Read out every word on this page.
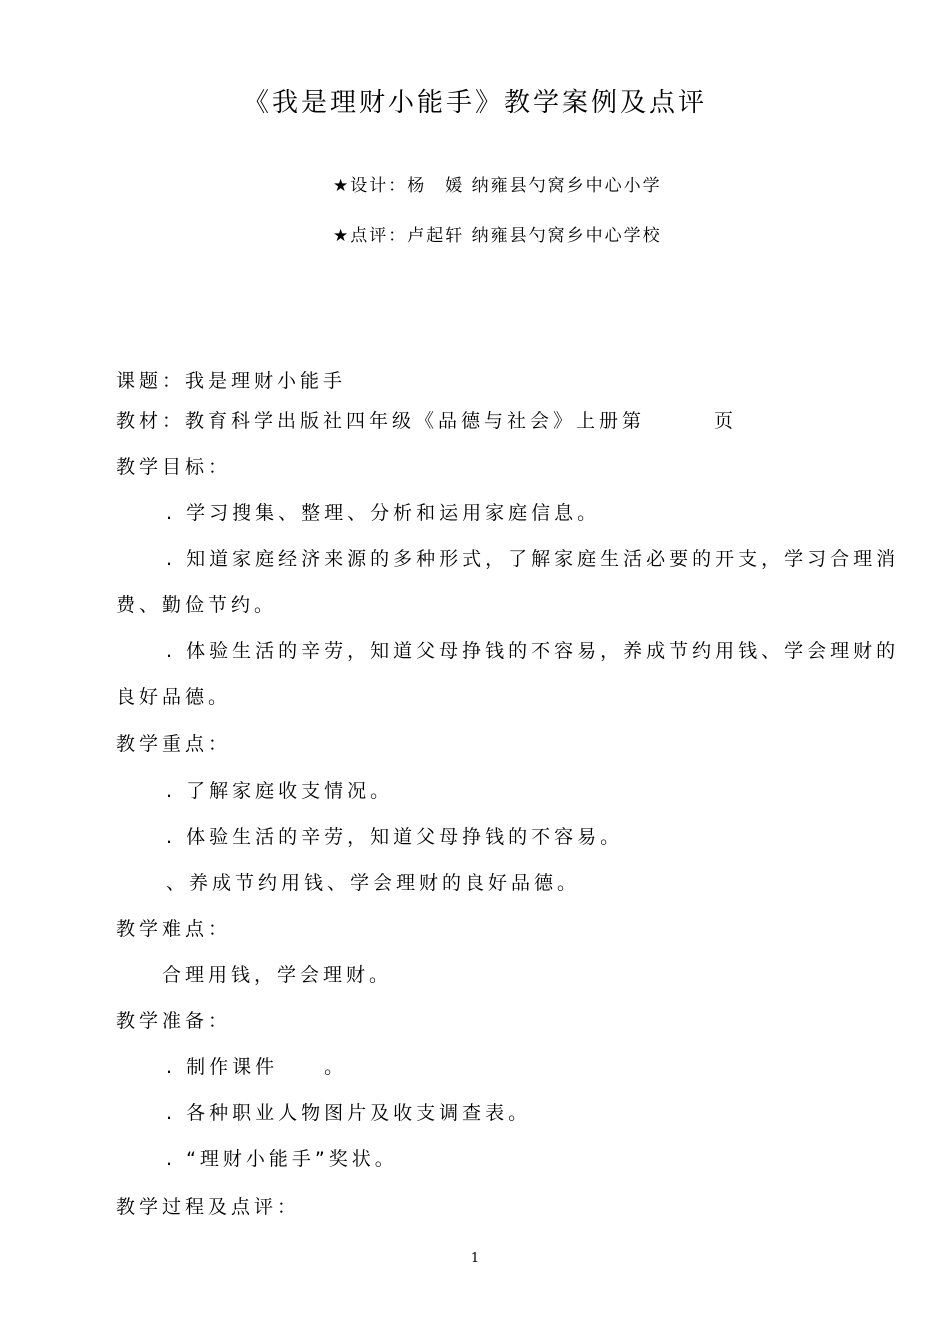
《我是理财小能手》教学案例及点评
★设计：杨　媛 纳雍县勺窝乡中心小学
★点评：卢起轩 纳雍县勺窝乡中心学校
课题：我是理财小能手
教材：教育科学出版社四年级《品德与社会》上册第　　　页
教学目标：
. 学习搜集、整理、分析和运用家庭信息。
. 知道家庭经济来源的多种形式，了解家庭生活必要的开支，学习合理消
费、勤俭节约。
. 体验生活的辛劳，知道父母挣钱的不容易，养成节约用钱、学会理财的
良好品德。
教学重点：
. 了解家庭收支情况。
. 体验生活的辛劳，知道父母挣钱的不容易。
、养成节约用钱、学会理财的良好品德。
教学难点：
合理用钱，学会理财。
教学准备：
. 制作课件　　。
. 各种职业人物图片及收支调查表。
. “理财小能手”奖状。
教学过程及点评：
1
